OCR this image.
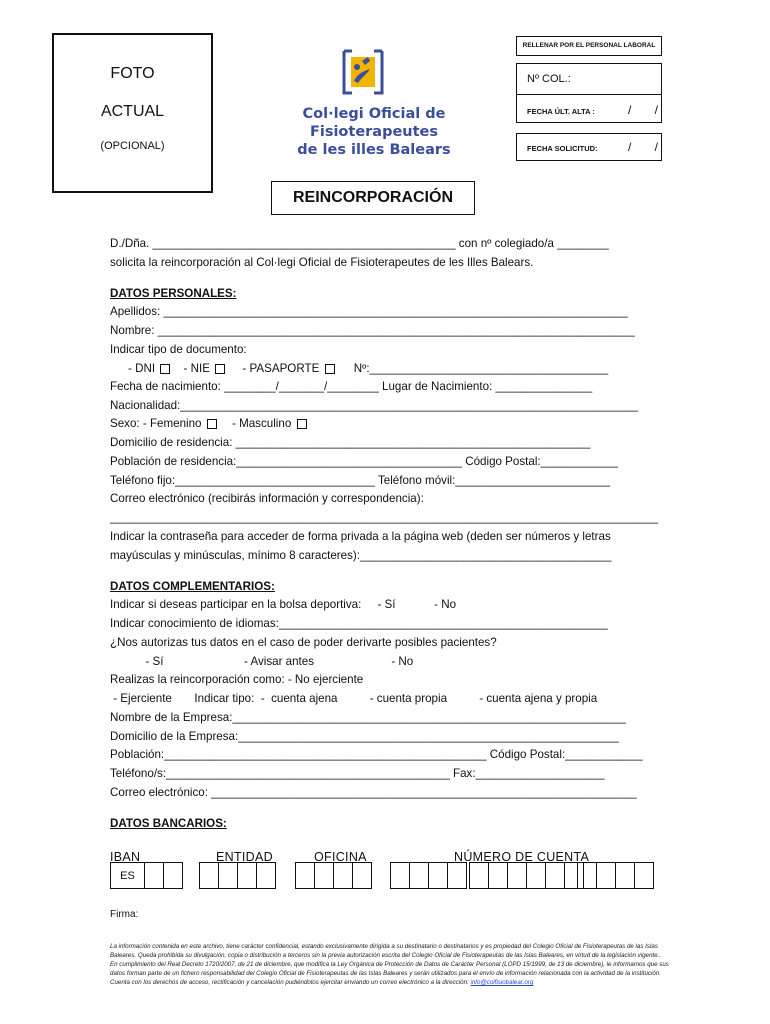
FOTO
ACTUAL
(OPCIONAL)
Col·legi Oficial de Fisioterapeutes
de les illes Balears
RELLENAR POR EL PERSONAL LABORAL
Nº COL.:
FECHA ÚLT. ALTA :	/       /
FECHA SOLICITUD:	/       /
REINCORPORACIÓN
D./Dña. _______________________________________________ con nº colegiado/a ________
solicita la reincorporación al Col·legi Oficial de Fisioterapeutes de les Illes Balears.
DATOS PERSONALES:
Apellidos: ________________________________________________________________________
Nombre: __________________________________________________________________________
Indicar tipo de documento:
- DNI - NIE	- PASAPORTE	Nº:_____________________________________
Fecha de nacimiento: ________/_______/________ Lugar de Nacimiento: _______________
Nacionalidad:_______________________________________________________________________
Sexo: - Femenino	- Masculino
Domicilio de residencia: _______________________________________________________
Población de residencia:___________________________________ Código Postal:____________
Teléfono fijo:_______________________________ Teléfono móvil:________________________
Correo electrónico (recibirás información y correspondencia):
_____________________________________________________________________________________
Indicar la contraseña para acceder de forma privada a la página web (deden ser números y letras
mayúsculas y minúsculas, mínimo 8 caracteres):_______________________________________
DATOS COMPLEMENTARIOS:
Indicar si deseas participar en la bolsa deportiva:     - Sí            - No
Indicar conocimiento de idiomas:___________________________________________________
¿Nos autorizas tus datos en el caso de poder derivarte posibles pacientes?
- Sí                         - Avisar antes                        - No
Realizas la reincorporación como: - No ejerciente
- Ejerciente       Indicar tipo:  -  cuenta ajena          - cuenta propia          - cuenta ajena y propia
Nombre de la Empresa:_____________________________________________________________
Domicilio de la Empresa:___________________________________________________________
Población:__________________________________________________ Código Postal:____________
Teléfono/s:____________________________________________ Fax:____________________
Correo electrónico: __________________________________________________________________
DATOS BANCARIOS:
IBAN	ENTIDAD	OFICINA	NÚMERO DE CUENTA
ES
Firma:
La información contenida en este archivo, tiene carácter confidencial, estando exclusivamente dirigida a su destinatario o destinatarios y es propiedad del Colegio Oficial de Fisioterapeutas de las Islas Baleares. Queda prohibida su divulgación, copia o distribución a terceros sin la previa autorización escrita del Colegio Oficial de Fisioterapeutas de las Islas Baleares, en virtud de la legislación vigente.. En cumplimiento del Real Decreto 1720/2007, de 21 de diciembre, que modifica la Ley Orgánica de Protección de Datos de Carácter Personal (LOPD 15/1999, de 13 de diciembre), le informamos que sus datos forman parte de un fichero responsabilidad del Colegio Oficial de Fisioterapeutas de las Islas Baleares y serán utilizados para el envío de información relacionada con la actividad de la institución. Cuenta con los derechos de acceso, rectificación y cancelación pudiéndolos ejercitar enviando un correo electrónico a la dirección: info@colfisiobalear.org
